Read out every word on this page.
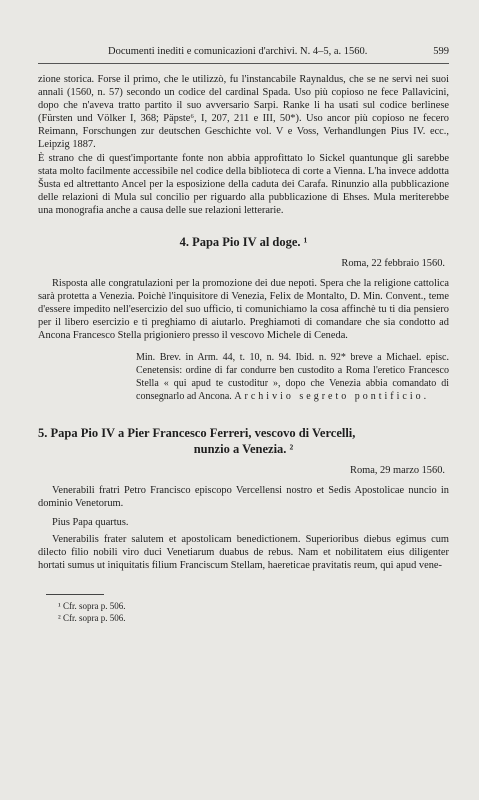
Documenti inediti e comunicazioni d'archivi. N. 4–5, a. 1560.	599

zione storica. Forse il primo, che le utilizzò, fu l'instancabile Raynaldus, che se ne servì nei suoi annali (1560, n. 57) secondo un codice del cardinal Spada. Uso più copioso ne fece Pallavicini, dopo che n'aveva tratto partito il suo avversario Sarpi. Ranke li ha usati sul codice berlinese (Fürsten und Völker I, 368; Päpste⁶, I, 207, 211 e III, 50*). Uso ancor più copioso ne fecero Reimann, Forschungen zur deutschen Geschichte vol. V e Voss, Verhandlungen Pius IV. ecc., Leipzig 1887.

È strano che di quest'importante fonte non abbia approfittato lo Sickel quantunque gli sarebbe stata molto facilmente accessibile nel codice della biblioteca di corte a Vienna. L'ha invece addotta Šusta ed altrettanto Ancel per la esposizione della caduta dei Carafa. Rinunzio alla pubblicazione delle relazioni di Mula sul concilio per riguardo alla pubblicazione di Ehses. Mula meriterebbe una monografia anche a causa delle sue relazioni letterarie.

4. Papa Pio IV al doge. ¹
Roma, 22 febbraio 1560.

Risposta alle congratulazioni per la promozione dei due nepoti. Spera che la religione cattolica sarà protetta a Venezia. Poichè l'inquisitore di Venezia, Felix de Montalto, D. Min. Convent., teme d'essere impedito nell'esercizio del suo ufficio, ti comunichiamo la cosa affinchè tu ti dia pensiero per il libero esercizio e ti preghiamo di aiutarlo. Preghiamoti di comandare che sia condotto ad Ancona Francesco Stella prigioniero presso il vescovo Michele di Ceneda.

Min. Brev. in Arm. 44, t. 10, n. 94. Ibid. n. 92* breve a Michael. episc. Cenetensis: ordine di far condurre ben custodito a Roma l'eretico Francesco Stella « qui apud te custoditur », dopo che Venezia abbia comandato di consegnarlo ad Ancona. Archivio segreto pontificio.
5. Papa Pio IV a Pier Francesco Ferreri, vescovo di Vercelli,
nunzio a Venezia. ²
Roma, 29 marzo 1560.

Venerabili fratri Petro Francisco episcopo Vercellensi nostro et Sedis Apostolicae nuncio in dominio Venetorum.

Pius Papa quartus.

Venerabilis frater salutem et apostolicam benedictionem. Superioribus diebus egimus cum dilecto filio nobili viro duci Venetiarum duabus de rebus. Nam et nobilitatem eius diligenter hortati sumus ut iniquitatis filium Franciscum Stellam, haereticae pravitatis reum, qui apud vene-

¹ Cfr. sopra p. 506.
² Cfr. sopra p. 506.
